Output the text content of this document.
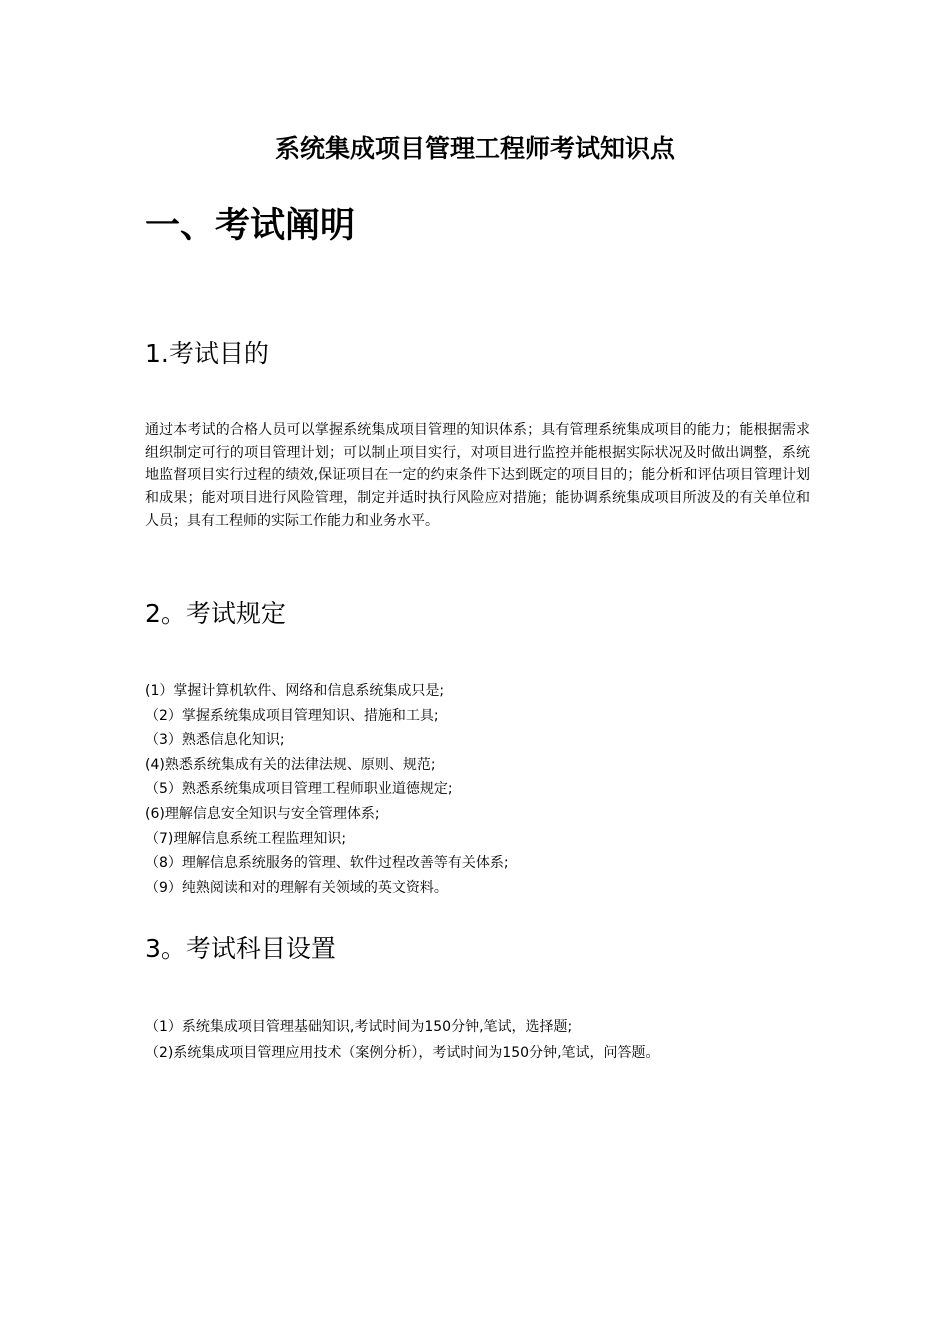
系统集成项目管理工程师考试知识点
一、考试阐明
1.考试目的
通过本考试的合格人员可以掌握系统集成项目管理的知识体系；具有管理系统集成项目的能力；能根据需求组织制定可行的项目管理计划；可以制止项目实行，对项目进行监控并能根据实际状况及时做出调整，系统地监督项目实行过程的绩效,保证项目在一定的约束条件下达到既定的项目目的；能分析和评估项目管理计划和成果；能对项目进行风险管理，制定并适时执行风险应对措施；能协调系统集成项目所波及的有关单位和人员；具有工程师的实际工作能力和业务水平。
2。考试规定
(1）掌握计算机软件、网络和信息系统集成只是;
（2）掌握系统集成项目管理知识、措施和工具;
（3）熟悉信息化知识;
(4)熟悉系统集成有关的法律法规、原则、规范;
（5）熟悉系统集成项目管理工程师职业道德规定;
(6)理解信息安全知识与安全管理体系;
（7)理解信息系统工程监理知识;
（8）理解信息系统服务的管理、软件过程改善等有关体系;
（9）纯熟阅读和对的理解有关领域的英文资料。
3。考试科目设置
（1）系统集成项目管理基础知识,考试时间为150分钟,笔试，选择题;
（2)系统集成项目管理应用技术（案例分析），考试时间为150分钟,笔试，问答题。
